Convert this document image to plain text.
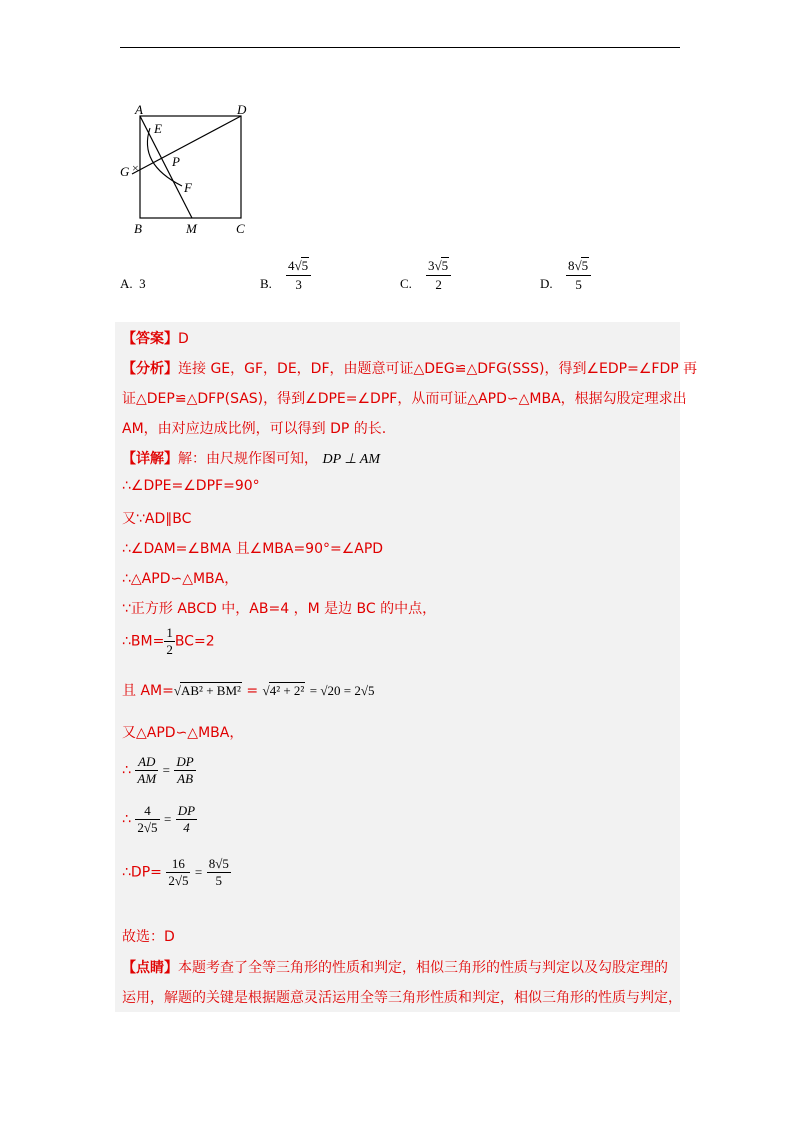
×
A	D
E
P
G
F
B	M	C
A. 3	B. $\frac{4√5}{3}$	C. $\frac{3√5}{2}$	D. $\frac{8√5}{5}$
【答案】D
【分析】连接 GE，GF，DE，DF，由题意可证△DEG≌△DFG(SSS)，得到∠EDP=∠FDP 再
证△DEP≌△DFP(SAS)，得到∠DPE=∠DPF，从而可证△APD∽△MBA，根据勾股定理求出
AM，由对应边成比例，可以得到 DP 的长.
【详解】解：由尺规作图可知， DP ⊥ AM
∴∠DPE=∠DPF=90°
又∵AD∥BC
∴∠DAM=∠BMA 且∠MBA=90°=∠APD
∴△APD∽△MBA，
∵正方形 ABCD 中，AB=4 ，M 是边 BC 的中点，
∴BM= $\frac{1}{2} BC=2$
且 AM=√AB² + BM² = √4² + 2² = √20 = 2√5
又△APD∽△MBA，
∴ $\frac{AD}{AM} = \frac{DP}{AB}$
∴ $\frac{4}{2√5} = \frac{DP}{4}$
∴DP= $\frac{16}{2√5} = \frac{8√5}{5}$
故选：D
【点睛】本题考查了全等三角形的性质和判定，相似三角形的性质与判定以及勾股定理的
运用，解题的关键是根据题意灵活运用全等三角形性质和判定，相似三角形的性质与判定，
